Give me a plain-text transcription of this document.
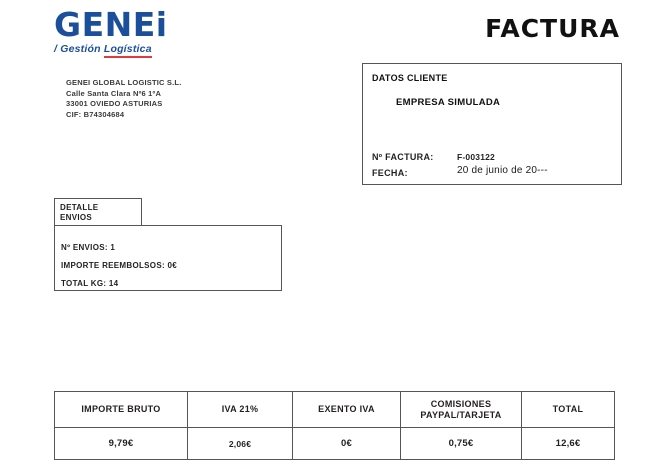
GENEi
/ Gestión Logística
FACTURA
GENEI GLOBAL LOGISTIC S.L.
Calle Santa Clara Nº6 1ºA
33001 OVIEDO ASTURIAS
CIF: B74304684
DATOS CLIENTE
EMPRESA SIMULADA
Nº FACTURA:	F-003122
FECHA:	20 de junio de 20---
DETALLE
ENVIOS
Nº ENVIOS: 1
IMPORTE REEMBOLSOS: 0€
TOTAL KG: 14
IMPORTE BRUTO	IVA 21%	EXENTO IVA	COMISIONES PAYPAL/TARJETA	TOTAL
9,79€	2,06€	0€	0,75€	12,6€
